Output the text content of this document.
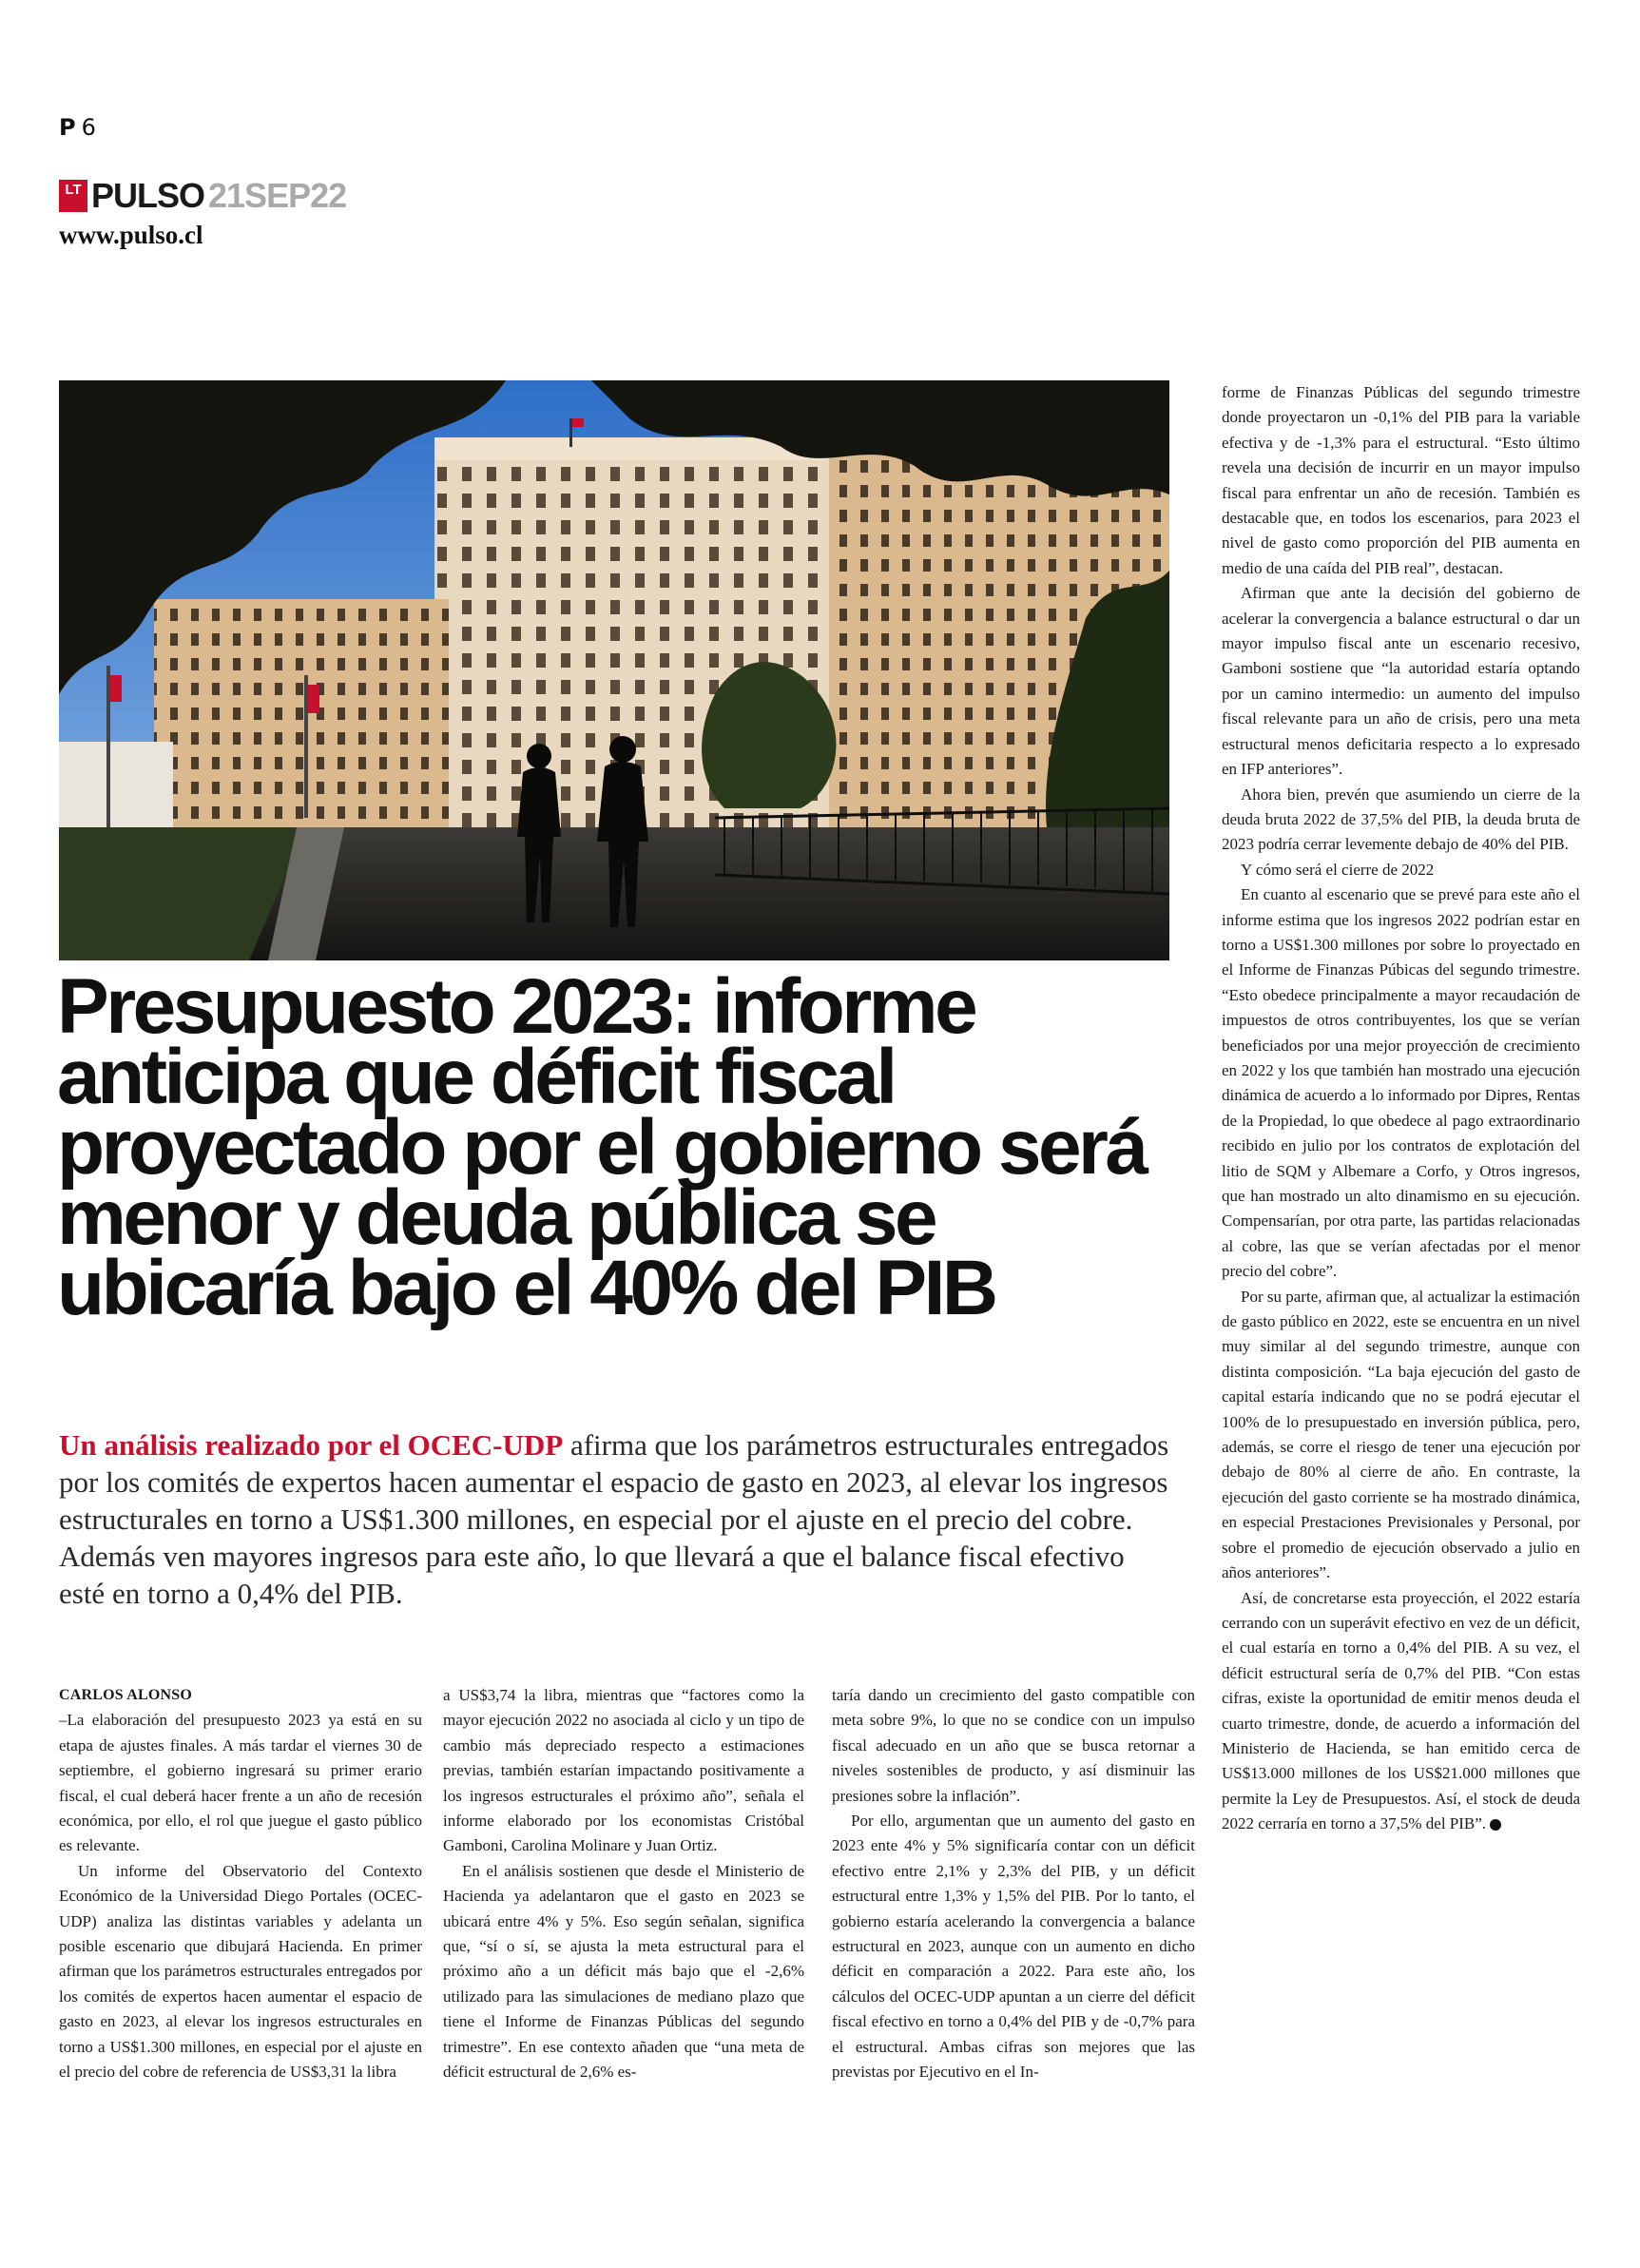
P 6
LT PULSO 21SEP22
www.pulso.cl
Presupuesto 2023: informe anticipa que déficit fiscal proyectado por el gobierno será menor y deuda pública se ubicaría bajo el 40% del PIB

Un análisis realizado por el OCEC-UDP afirma que los parámetros estructurales entregados por los comités de expertos hacen aumentar el espacio de gasto en 2023, al elevar los ingresos estructurales en torno a US$1.300 millones, en especial por el ajuste en el precio del cobre. Además ven mayores ingresos para este año, lo que llevará a que el balance fiscal efectivo esté en torno a 0,4% del PIB.

CARLOS ALONSO

–La elaboración del presupuesto 2023 ya está en su etapa de ajustes finales. A más tardar el viernes 30 de septiembre, el gobierno ingresará su primer erario fiscal, el cual deberá hacer frente a un año de recesión económica, por ello, el rol que juegue el gasto público es relevante.

Un informe del Observatorio del Contexto Económico de la Universidad Diego Portales (OCEC-UDP) analiza las distintas variables y adelanta un posible escenario que dibujará Hacienda. En primer afirman que los parámetros estructurales entregados por los comités de expertos hacen aumentar el espacio de gasto en 2023, al elevar los ingresos estructurales en torno a US$1.300 millones, en especial por el ajuste en el precio del cobre de referencia de US$3,31 la libra

a US$3,74 la libra, mientras que “factores como la mayor ejecución 2022 no asociada al ciclo y un tipo de cambio más depreciado respecto a estimaciones previas, también estarían impactando positivamente a los ingresos estructurales el próximo año”, señala el informe elaborado por los economistas Cristóbal Gamboni, Carolina Molinare y Juan Ortiz.

En el análisis sostienen que desde el Ministerio de Hacienda ya adelantaron que el gasto en 2023 se ubicará entre 4% y 5%. Eso según señalan, significa que, “sí o sí, se ajusta la meta estructural para el próximo año a un déficit más bajo que el -2,6% utilizado para las simulaciones de mediano plazo que tiene el Informe de Finanzas Públicas del segundo trimestre”. En ese contexto añaden que “una meta de déficit estructural de 2,6% es-

taría dando un crecimiento del gasto compatible con meta sobre 9%, lo que no se condice con un impulso fiscal adecuado en un año que se busca retornar a niveles sostenibles de producto, y así disminuir las presiones sobre la inflación”.

Por ello, argumentan que un aumento del gasto en 2023 ente 4% y 5% significaría contar con un déficit efectivo entre 2,1% y 2,3% del PIB, y un déficit estructural entre 1,3% y 1,5% del PIB. Por lo tanto, el gobierno estaría acelerando la convergencia a balance estructural en 2023, aunque con un aumento en dicho déficit en comparación a 2022. Para este año, los cálculos del OCEC-UDP apuntan a un cierre del déficit fiscal efectivo en torno a 0,4% del PIB y de -0,7% para el estructural. Ambas cifras son mejores que las previstas por Ejecutivo en el In-

forme de Finanzas Públicas del segundo trimestre donde proyectaron un -0,1% del PIB para la variable efectiva y de -1,3% para el estructural. “Esto último revela una decisión de incurrir en un mayor impulso fiscal para enfrentar un año de recesión. También es destacable que, en todos los escenarios, para 2023 el nivel de gasto como proporción del PIB aumenta en medio de una caída del PIB real”, destacan.

Afirman que ante la decisión del gobierno de acelerar la convergencia a balance estructural o dar un mayor impulso fiscal ante un escenario recesivo, Gamboni sostiene que “la autoridad estaría optando por un camino intermedio: un aumento del impulso fiscal relevante para un año de crisis, pero una meta estructural menos deficitaria respecto a lo expresado en IFP anteriores”.

Ahora bien, prevén que asumiendo un cierre de la deuda bruta 2022 de 37,5% del PIB, la deuda bruta de 2023 podría cerrar levemente debajo de 40% del PIB.

Y cómo será el cierre de 2022

En cuanto al escenario que se prevé para este año el informe estima que los ingresos 2022 podrían estar en torno a US$1.300 millones por sobre lo proyectado en el Informe de Finanzas Púbicas del segundo trimestre. “Esto obedece principalmente a mayor recaudación de impuestos de otros contribuyentes, los que se verían beneficiados por una mejor proyección de crecimiento en 2022 y los que también han mostrado una ejecución dinámica de acuerdo a lo informado por Dipres, Rentas de la Propiedad, lo que obedece al pago extraordinario recibido en julio por los contratos de explotación del litio de SQM y Albemare a Corfo, y Otros ingresos, que han mostrado un alto dinamismo en su ejecución. Compensarían, por otra parte, las partidas relacionadas al cobre, las que se verían afectadas por el menor precio del cobre”.

Por su parte, afirman que, al actualizar la estimación de gasto público en 2022, este se encuentra en un nivel muy similar al del segundo trimestre, aunque con distinta composición. “La baja ejecución del gasto de capital estaría indicando que no se podrá ejecutar el 100% de lo presupuestado en inversión pública, pero, además, se corre el riesgo de tener una ejecución por debajo de 80% al cierre de año. En contraste, la ejecución del gasto corriente se ha mostrado dinámica, en especial Prestaciones Previsionales y Personal, por sobre el promedio de ejecución observado a julio en años anteriores”.

Así, de concretarse esta proyección, el 2022 estaría cerrando con un superávit efectivo en vez de un déficit, el cual estaría en torno a 0,4% del PIB. A su vez, el déficit estructural sería de 0,7% del PIB. “Con estas cifras, existe la oportunidad de emitir menos deuda el cuarto trimestre, donde, de acuerdo a información del Ministerio de Hacienda, se han emitido cerca de US$13.000 millones de los US$21.000 millones que permite la Ley de Presupuestos. Así, el stock de deuda 2022 cerraría en torno a 37,5% del PIB”.
